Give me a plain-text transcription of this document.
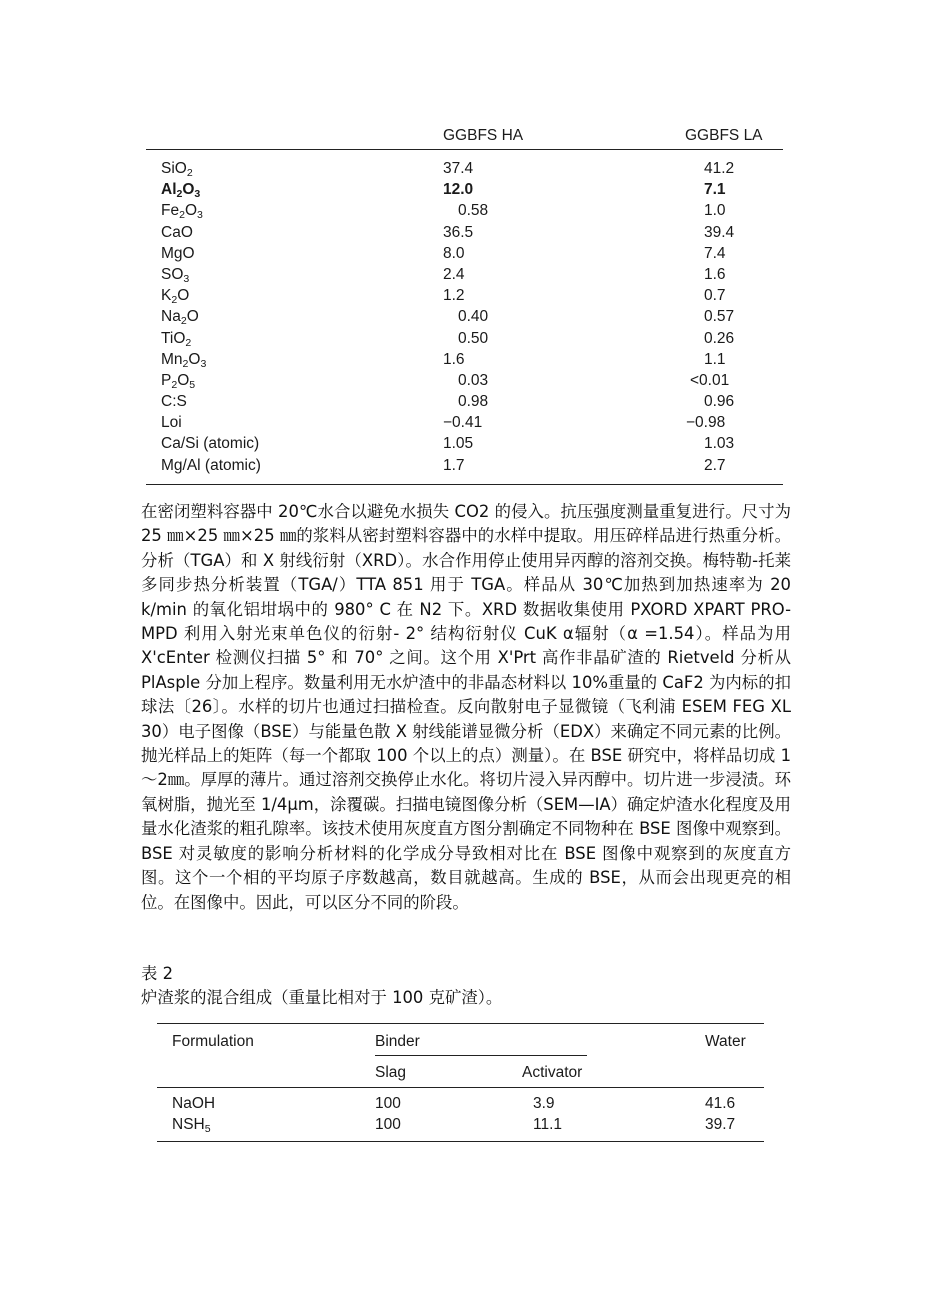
GGBFS HA	GGBFS LA
SiO$_2$	37.4	41.2
$Al_2O_3$	12.0	7.1
$Fe_2O_3$	0.58	1.0
CaO	36.5	39.4
MgO	8.0	7.4
$SO_3$	2.4	1.6
$K_2O$	1.2	0.7
$Na_2O$	0.40	0.57
TiO$_2$	0.50	0.26
$Mn_2O_3$	1.6	1.1
$P_2O_5$	0.03	<0.01
C:S	0.98	0.96
Loi	−0.41	−0.98
Ca/Si (atomic)	1.05	1.03
Mg/Al (atomic)	1.7	2.7

在密闭塑料容器中 20℃水合以避免水损失 CO2 的侵入。抗压强度测量重复进行。尺寸为 25 ㎜×25 ㎜×25 ㎜的浆料从密封塑料容器中的水样中提取。用压碎样品进行热重分析。分析（TGA）和 X 射线衍射（XRD）。水合作用停止使用异丙醇的溶剂交换。梅特勒-托莱多同步热分析装置（TGA/）TTA 851 用于 TGA。样品从 30℃加热到加热速率为 20 k/min 的氧化铝坩埚中的 980° C 在 N2 下。XRD 数据收集使用 PXORD XPART PRO-MPD 利用入射光束单色仪的衍射- 2° 结构衍射仪 CuK α辐射（α =1.54）。样品为用 X'cEnter 检测仪扫描 5° 和 70° 之间。这个用 X'Prt 高作非晶矿渣的 Rietveld 分析从 PlAsple 分加上程序。数量利用无水炉渣中的非晶态材料以 10%重量的 CaF2 为内标的扣球法〔26〕。水样的切片也通过扫描检查。反向散射电子显微镜（飞利浦 ESEM FEG XL 30）电子图像（BSE）与能量色散 X 射线能谱显微分析（EDX）来确定不同元素的比例。抛光样品上的矩阵（每一个都取 100 个以上的点）测量）。在 BSE 研究中，将样品切成 1～2㎜。厚厚的薄片。通过溶剂交换停止水化。将切片浸入异丙醇中。切片进一步浸渍。环氧树脂，抛光至 1/4μm，涂覆碳。扫描电镜图像分析（SEM—IA）确定炉渣水化程度及用量水化渣浆的粗孔隙率。该技术使用灰度直方图分割确定不同物种在 BSE 图像中观察到。BSE 对灵敏度的影响分析材料的化学成分导致相对比在 BSE 图像中观察到的灰度直方图。这个一个相的平均原子序数越高，数目就越高。生成的 BSE，从而会出现更亮的相位。在图像中。因此，可以区分不同的阶段。

表 2
炉渣浆的混合组成（重量比相对于 100 克矿渣）。
Formulation	Binder	Water
Slag	Activator
NaOH	100	3.9	41.6
$NSH_5$	100	11.1	39.7
